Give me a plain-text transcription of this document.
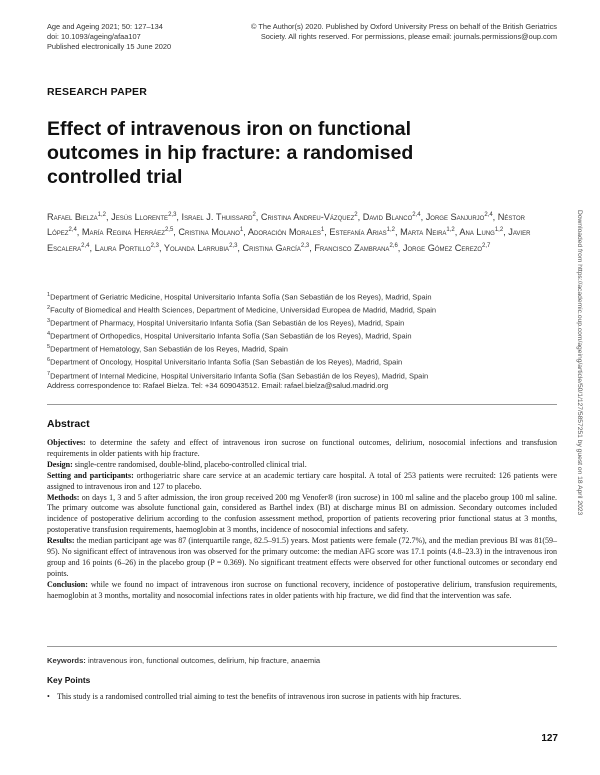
Age and Ageing 2021; 50: 127–134
doi: 10.1093/ageing/afaa107
Published electronically 15 June 2020
© The Author(s) 2020. Published by Oxford University Press on behalf of the British Geriatrics
Society. All rights reserved. For permissions, please email: journals.permissions@oup.com
RESEARCH PAPER
Effect of intravenous iron on functional outcomes in hip fracture: a randomised controlled trial
Rafael Bielza$^{1,2}$, Jesús Llorente$^{2,3}$, Israel J. Thuissard$^2$, Cristina Andreu-Vázquez$^2$, David Blanco$^{2,4}$, Jorge Sanjurjo$^{2,4}$, Néstor López$^{2,4}$, María Regina Herráez$^{2,5}$, Cristina Molano$^1$, Adoración Morales$^1$, Estefanía Arias$^{1,2}$, Marta Neira$^{1,2}$, Ana Lung$^{1,2}$, Javier Escalera$^{2,4}$, Laura Portillo$^{2,3}$, Yolanda Larrubia$^{2,3}$, Cristina García$^{2,3}$, Francisco Zambrana$^{2,6}$, Jorge Gómez Cerezo$^{2,7}$
$^1$Department of Geriatric Medicine, Hospital Universitario Infanta Sofía (San Sebastián de los Reyes), Madrid, Spain
$^2$Faculty of Biomedical and Health Sciences, Department of Medicine, Universidad Europea de Madrid, Madrid, Spain
$^3$Department of Pharmacy, Hospital Universitario Infanta Sofía (San Sebastián de los Reyes), Madrid, Spain
$^4$Department of Orthopedics, Hospital Universitario Infanta Sofía (San Sebastián de los Reyes), Madrid, Spain
$^5$Department of Hematology, San Sebastián de los Reyes, Madrid, Spain
$^6$Department of Oncology, Hospital Universitario Infanta Sofía (San Sebastián de los Reyes), Madrid, Spain
$^7$Department of Internal Medicine, Hospital Universitario Infanta Sofía (San Sebastián de los Reyes), Madrid, Spain
Address correspondence to: Rafael Bielza. Tel: +34 609043512. Email: rafael.bielza@salud.madrid.org
Abstract

Objectives: to determine the safety and effect of intravenous iron sucrose on functional outcomes, delirium, nosocomial infections and transfusion requirements in older patients with hip fracture.

Design: single-centre randomised, double-blind, placebo-controlled clinical trial.

Setting and participants: orthogeriatric share care service at an academic tertiary care hospital. A total of 253 patients were recruited: 126 patients were assigned to intravenous iron and 127 to placebo.

Methods: on days 1, 3 and 5 after admission, the iron group received 200 mg Venofer® (iron sucrose) in 100 ml saline and the placebo group 100 ml saline. The primary outcome was absolute functional gain, considered as Barthel index (BI) at discharge minus BI on admission. Secondary outcomes included incidence of postoperative delirium according to the confusion assessment method, proportion of patients recovering prior functional status at 3 months, postoperative transfusion requirements, haemoglobin at 3 months, incidence of nosocomial infections and safety.

Results: the median participant age was 87 (interquartile range, 82.5–91.5) years. Most patients were female (72.7%), and the median previous BI was 81(59–95). No significant effect of intravenous iron was observed for the primary outcome: the median AFG score was 17.1 points (4.8–23.3) in the intravenous iron group and 16 points (6–26) in the placebo group (P = 0.369). No significant treatment effects were observed for other functional outcomes or secondary end points.

Conclusion: while we found no impact of intravenous iron sucrose on functional recovery, incidence of postoperative delirium, transfusion requirements, haemoglobin at 3 months, mortality and nosocomial infections rates in older patients with hip fracture, we did find that the intervention was safe.

Keywords: intravenous iron, functional outcomes, delirium, hip fracture, anaemia
Key Points
• This study is a randomised controlled trial aiming to test the benefits of intravenous iron sucrose in patients with hip fractures.
127
Downloaded from https://academic.oup.com/ageing/article/50/1/127/5857251 by guest on 18 April 2023
